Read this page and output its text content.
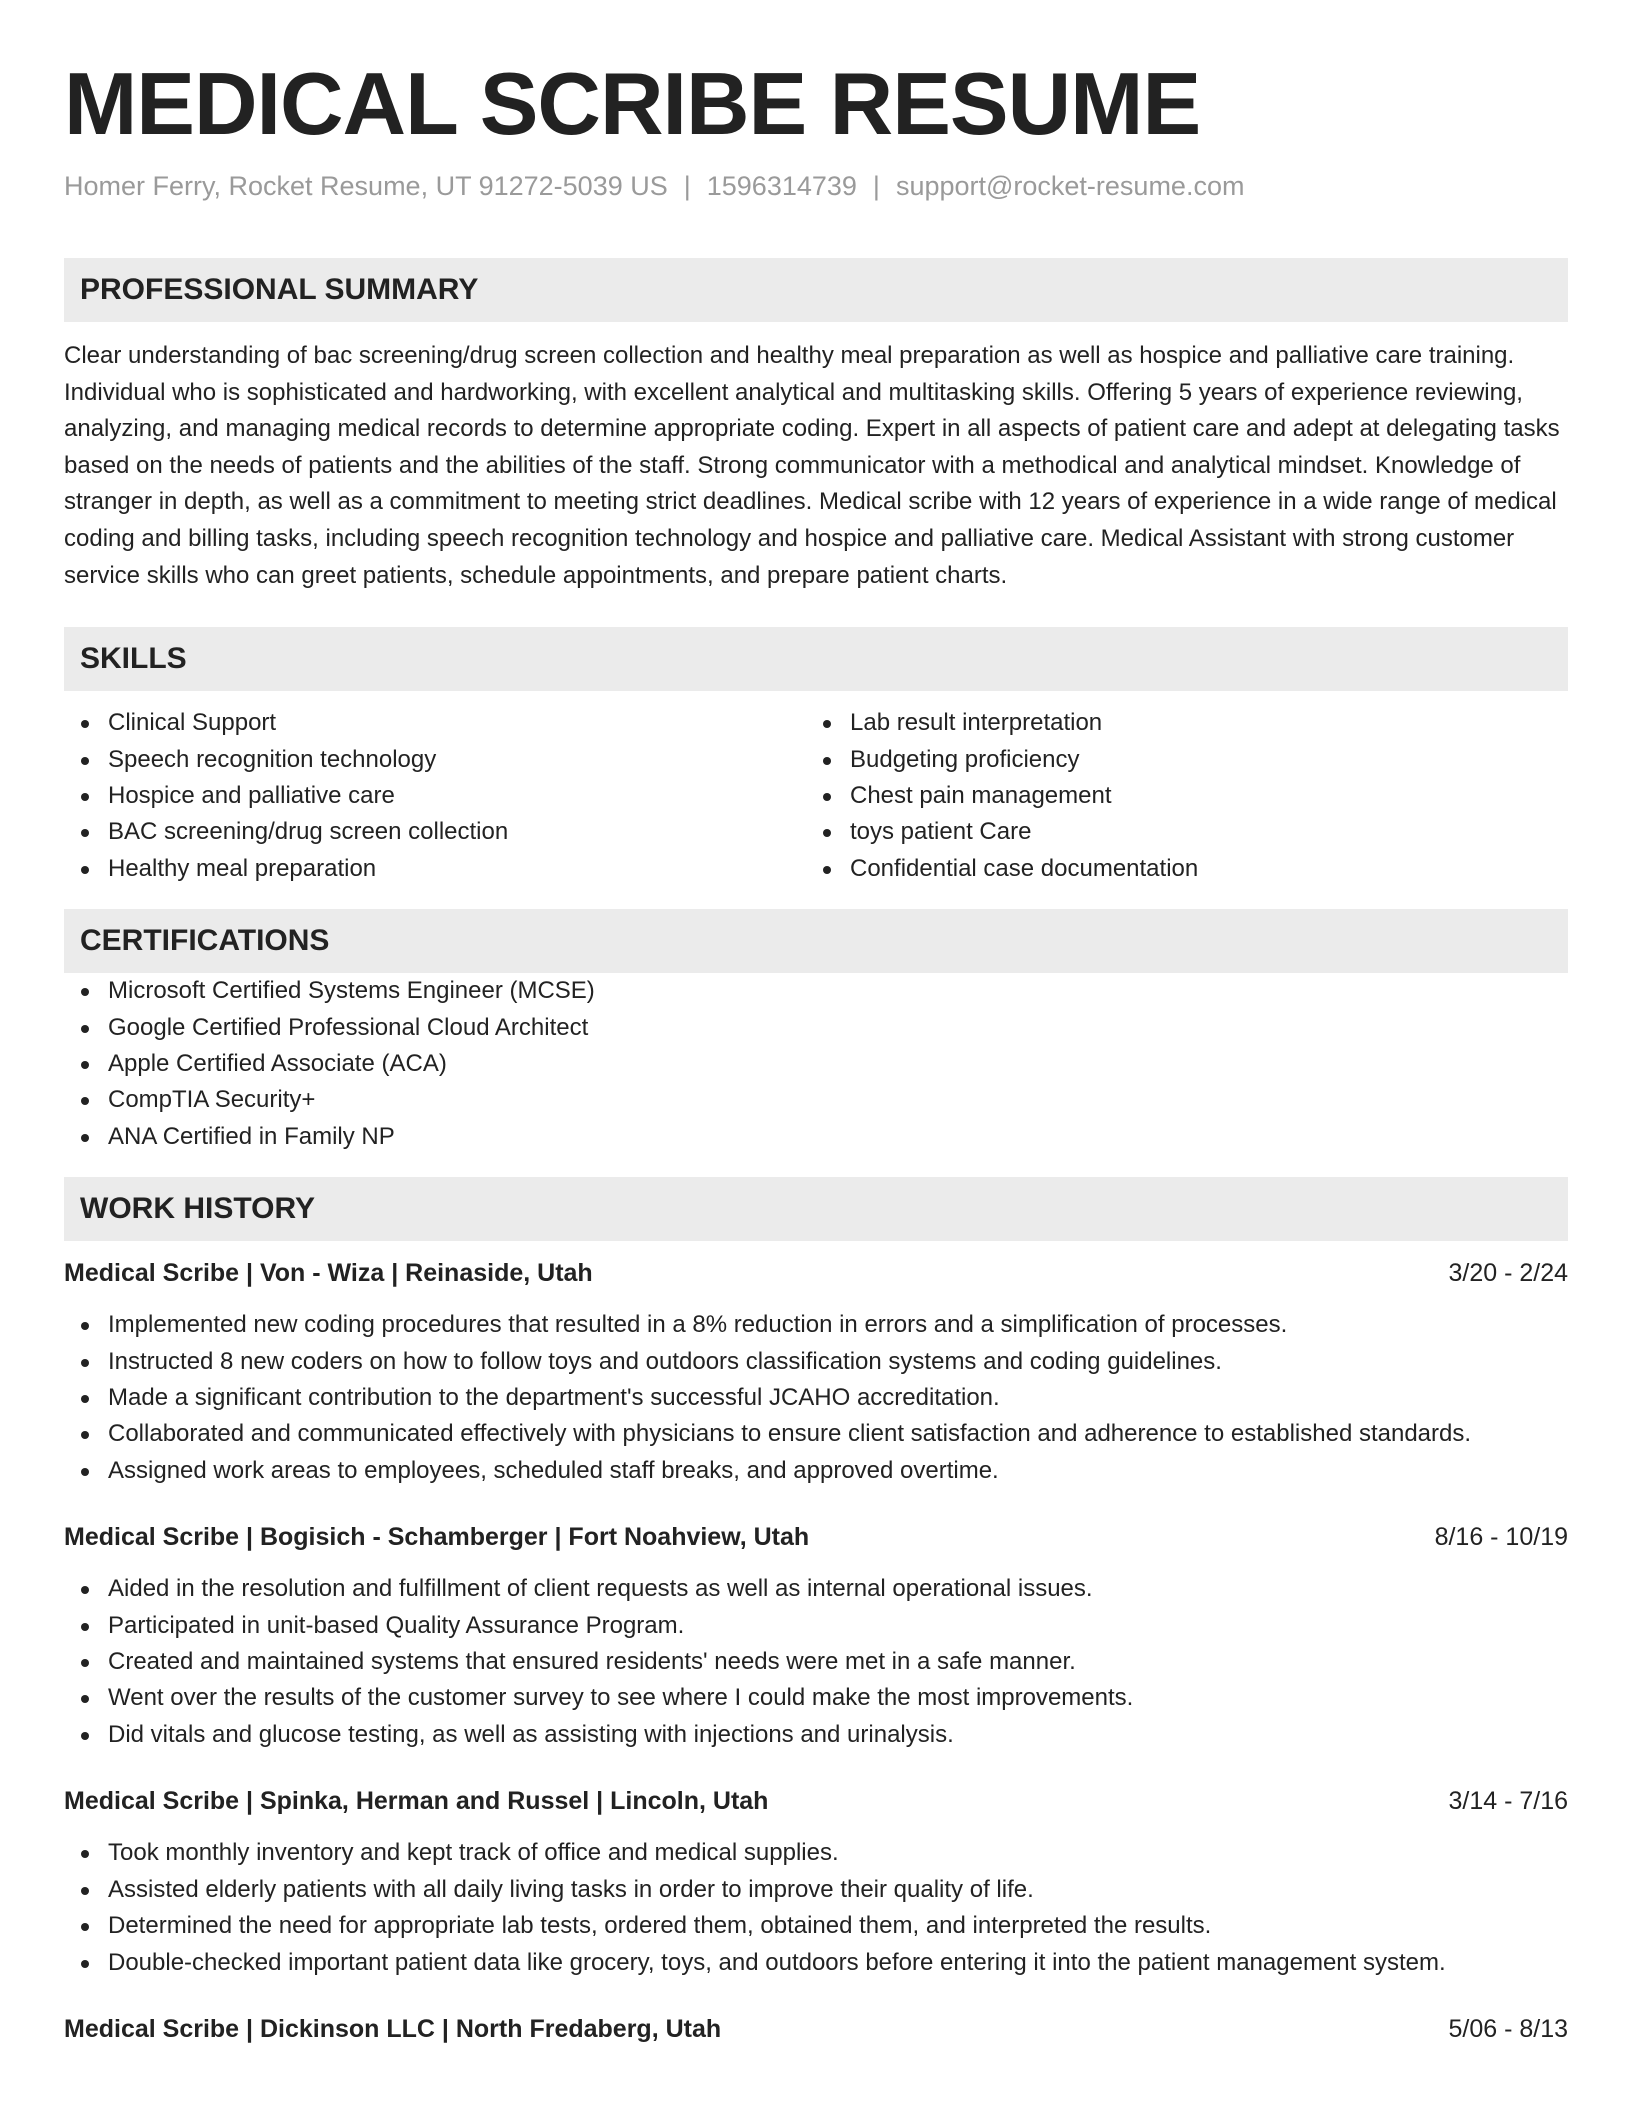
MEDICAL SCRIBE RESUME
Homer Ferry, Rocket Resume, UT 91272-5039 US | 1596314739 | support@rocket-resume.com
PROFESSIONAL SUMMARY

Clear understanding of bac screening/drug screen collection and healthy meal preparation as well as hospice and palliative care training. Individual who is sophisticated and hardworking, with excellent analytical and multitasking skills. Offering 5 years of experience reviewing, analyzing, and managing medical records to determine appropriate coding. Expert in all aspects of patient care and adept at delegating tasks based on the needs of patients and the abilities of the staff. Strong communicator with a methodical and analytical mindset. Knowledge of stranger in depth, as well as a commitment to meeting strict deadlines. Medical scribe with 12 years of experience in a wide range of medical coding and billing tasks, including speech recognition technology and hospice and palliative care. Medical Assistant with strong customer service skills who can greet patients, schedule appointments, and prepare patient charts.

SKILLS
Clinical Support
Speech recognition technology
Hospice and palliative care
BAC screening/drug screen collection
Healthy meal preparation
Lab result interpretation
Budgeting proficiency
Chest pain management
toys patient Care
Confidential case documentation
CERTIFICATIONS
Microsoft Certified Systems Engineer (MCSE)
Google Certified Professional Cloud Architect
Apple Certified Associate (ACA)
CompTIA Security+
ANA Certified in Family NP
WORK HISTORY
Medical Scribe | Von - Wiza | Reinaside, Utah	3/20 - 2/24
Implemented new coding procedures that resulted in a 8% reduction in errors and a simplification of processes.
Instructed 8 new coders on how to follow toys and outdoors classification systems and coding guidelines.
Made a significant contribution to the department's successful JCAHO accreditation.
Collaborated and communicated effectively with physicians to ensure client satisfaction and adherence to established standards.
Assigned work areas to employees, scheduled staff breaks, and approved overtime.
Medical Scribe | Bogisich - Schamberger | Fort Noahview, Utah	8/16 - 10/19
Aided in the resolution and fulfillment of client requests as well as internal operational issues.
Participated in unit-based Quality Assurance Program.
Created and maintained systems that ensured residents' needs were met in a safe manner.
Went over the results of the customer survey to see where I could make the most improvements.
Did vitals and glucose testing, as well as assisting with injections and urinalysis.
Medical Scribe | Spinka, Herman and Russel | Lincoln, Utah	3/14 - 7/16
Took monthly inventory and kept track of office and medical supplies.
Assisted elderly patients with all daily living tasks in order to improve their quality of life.
Determined the need for appropriate lab tests, ordered them, obtained them, and interpreted the results.
Double-checked important patient data like grocery, toys, and outdoors before entering it into the patient management system.
Medical Scribe | Dickinson LLC | North Fredaberg, Utah	5/06 - 8/13
